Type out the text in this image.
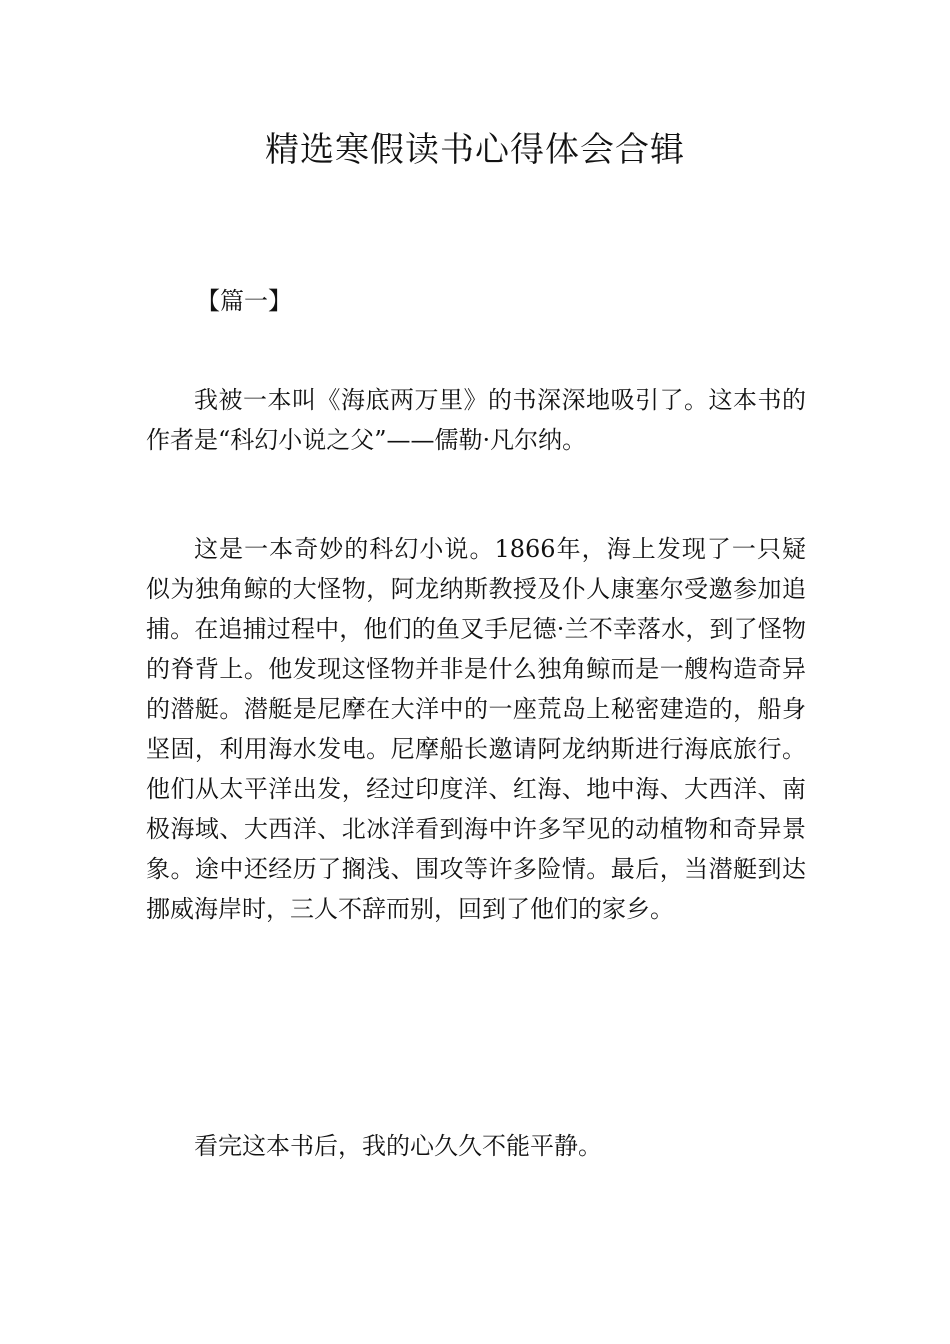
精选寒假读书心得体会合辑
【篇一】

我被一本叫《海底两万里》的书深深地吸引了。这本书的作者是“科幻小说之父”——儒勒·凡尔纳。

这是一本奇妙的科幻小说。1866年，海上发现了一只疑似为独角鲸的大怪物，阿龙纳斯教授及仆人康塞尔受邀参加追捕。在追捕过程中，他们的鱼叉手尼德·兰不幸落水，到了怪物的脊背上。他发现这怪物并非是什么独角鲸而是一艘构造奇异的潜艇。潜艇是尼摩在大洋中的一座荒岛上秘密建造的，船身坚固，利用海水发电。尼摩船长邀请阿龙纳斯进行海底旅行。他们从太平洋出发，经过印度洋、红海、地中海、大西洋、南极海域、大西洋、北冰洋看到海中许多罕见的动植物和奇异景象。途中还经历了搁浅、围攻等许多险情。最后，当潜艇到达挪威海岸时，三人不辞而别，回到了他们的家乡。

看完这本书后，我的心久久不能平静。
